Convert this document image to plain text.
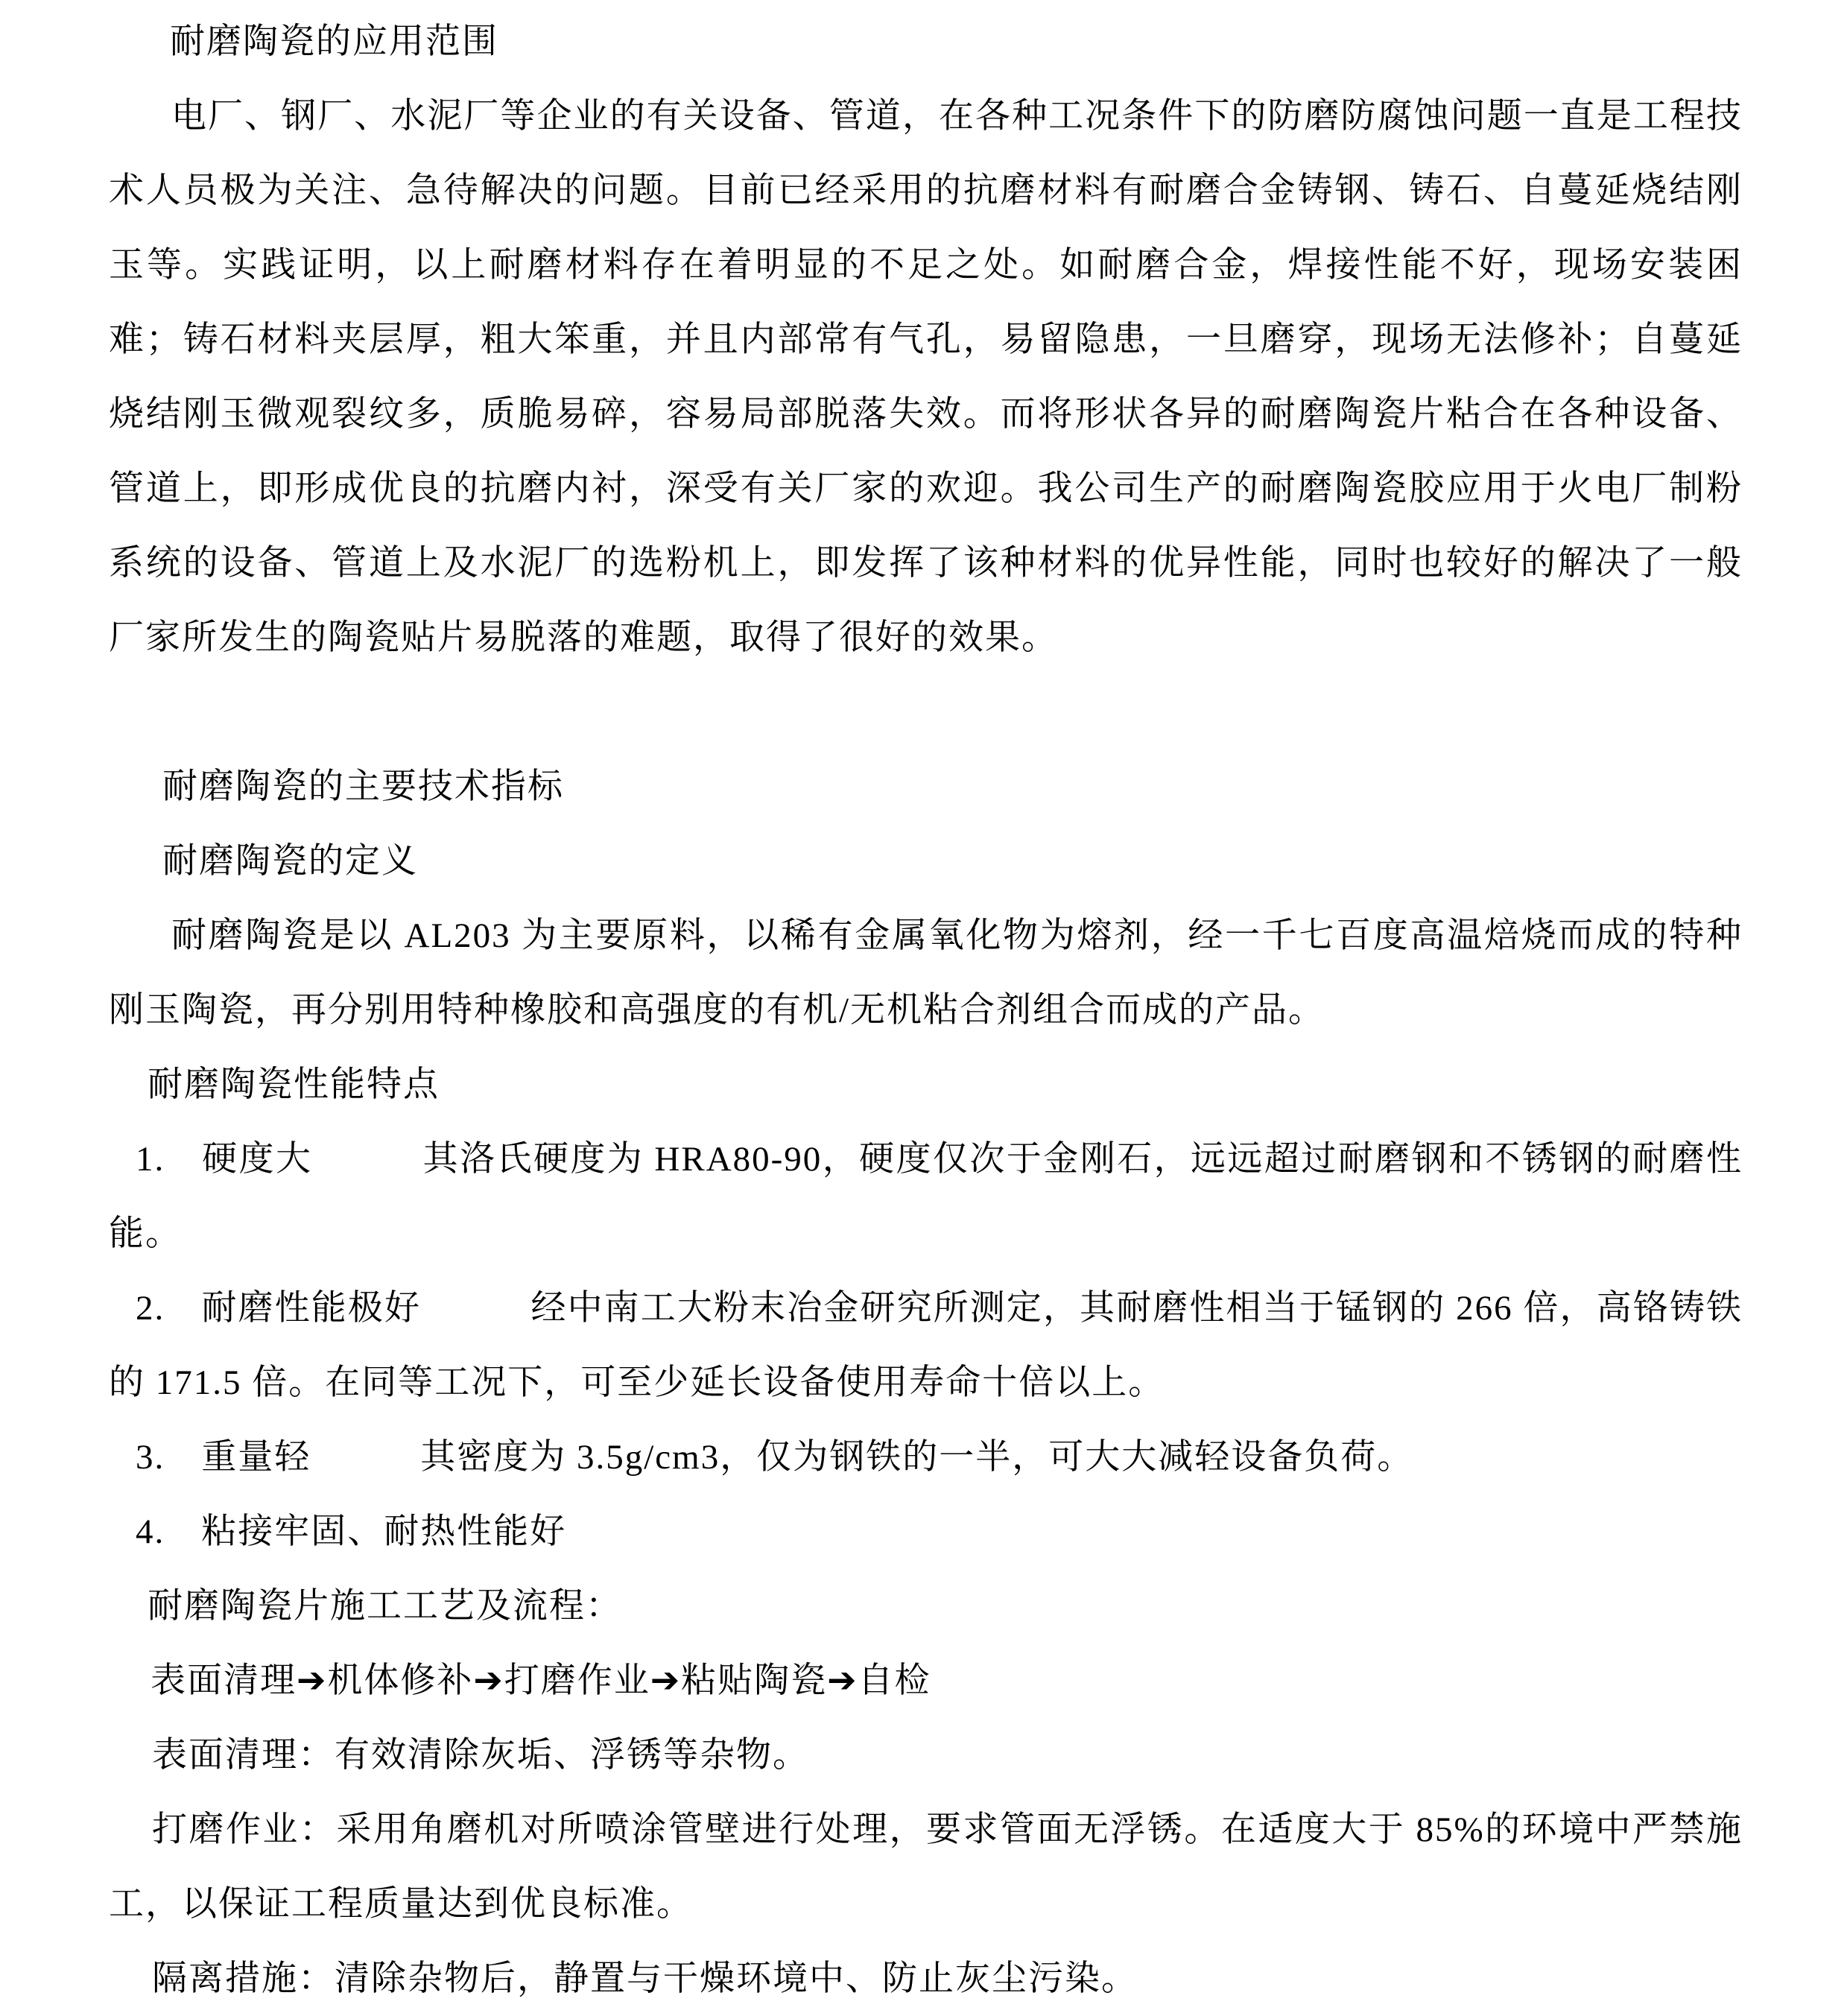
耐磨陶瓷的应用范围

电厂、钢厂、水泥厂等企业的有关设备、管道，在各种工况条件下的防磨防腐蚀问题一直是工程技术人员极为关注、急待解决的问题。目前已经采用的抗磨材料有耐磨合金铸钢、铸石、自蔓延烧结刚玉等。实践证明，以上耐磨材料存在着明显的不足之处。如耐磨合金，焊接性能不好，现场安装困难；铸石材料夹层厚，粗大笨重，并且内部常有气孔，易留隐患，一旦磨穿，现场无法修补；自蔓延烧结刚玉微观裂纹多，质脆易碎，容易局部脱落失效。而将形状各异的耐磨陶瓷片粘合在各种设备、管道上，即形成优良的抗磨内衬，深受有关厂家的欢迎。我公司生产的耐磨陶瓷胶应用于火电厂制粉系统的设备、管道上及水泥厂的选粉机上，即发挥了该种材料的优异性能，同时也较好的解决了一般厂家所发生的陶瓷贴片易脱落的难题，取得了很好的效果。

耐磨陶瓷的主要技术指标

耐磨陶瓷的定义

耐磨陶瓷是以 AL203 为主要原料，以稀有金属氧化物为熔剂，经一千七百度高温焙烧而成的特种刚玉陶瓷，再分别用特种橡胶和高强度的有机/无机粘合剂组合而成的产品。

耐磨陶瓷性能特点

1.　硬度大　　　其洛氏硬度为 HRA80-90，硬度仅次于金刚石，远远超过耐磨钢和不锈钢的耐磨性能。

2.　耐磨性能极好　　　经中南工大粉末冶金研究所测定，其耐磨性相当于锰钢的 266 倍，高铬铸铁的 171.5 倍。在同等工况下，可至少延长设备使用寿命十倍以上。

3.　重量轻　　　其密度为 3.5g/cm3，仅为钢铁的一半，可大大减轻设备负荷。

4.　粘接牢固、耐热性能好

耐磨陶瓷片施工工艺及流程：

表面清理➔机体修补➔打磨作业➔粘贴陶瓷➔自检

表面清理：有效清除灰垢、浮锈等杂物。

打磨作业：采用角磨机对所喷涂管壁进行处理，要求管面无浮锈。在适度大于 85%的环境中严禁施工，以保证工程质量达到优良标准。

隔离措施：清除杂物后，静置与干燥环境中、防止灰尘污染。
